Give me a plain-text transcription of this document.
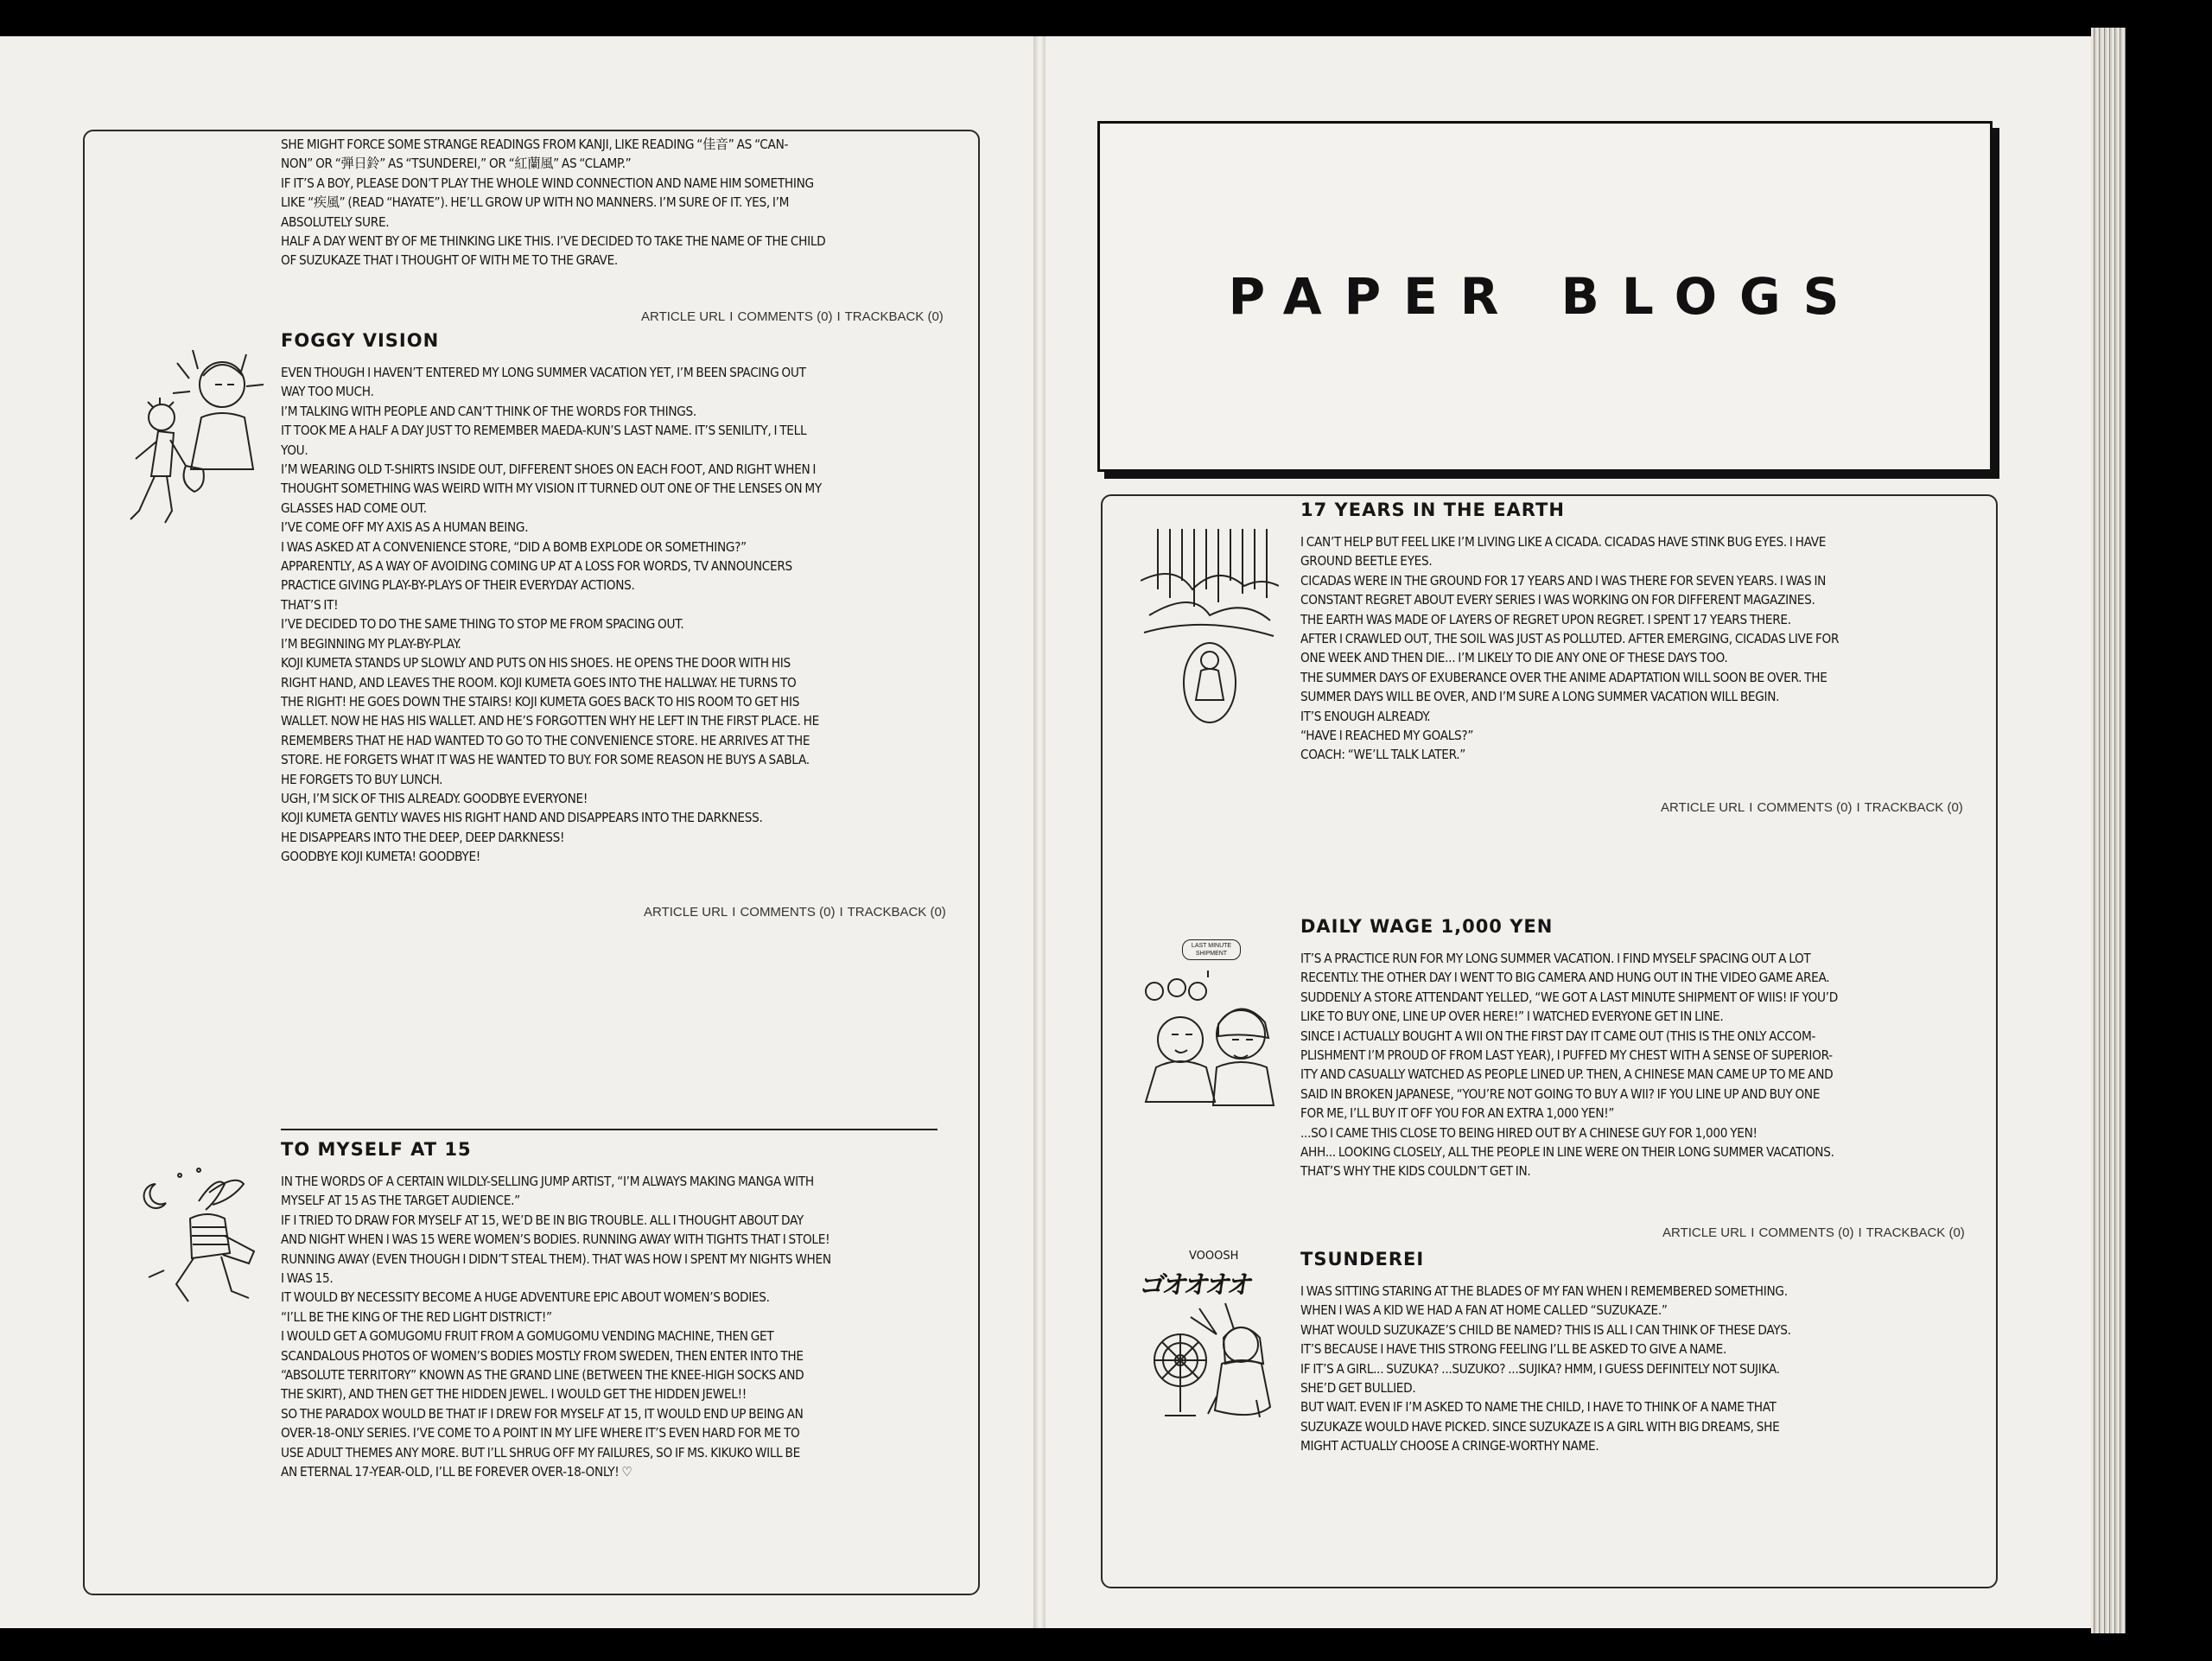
SHE MIGHT FORCE SOME STRANGE READINGS FROM KANJI, LIKE READING “佳音” AS “CAN-
NON” OR “弾日鈴” AS “TSUNDEREI,” OR “紅蘭風” AS “CLAMP.”
IF IT’S A BOY, PLEASE DON’T PLAY THE WHOLE WIND CONNECTION AND NAME HIM SOMETHING
LIKE “疾風” (READ “HAYATE”). HE’LL GROW UP WITH NO MANNERS. I’M SURE OF IT. YES, I’M
ABSOLUTELY SURE.
HALF A DAY WENT BY OF ME THINKING LIKE THIS. I’VE DECIDED TO TAKE THE NAME OF THE CHILD
OF SUZUKAZE THAT I THOUGHT OF WITH ME TO THE GRAVE.
ARTICLE URL I COMMENTS (0) I TRACKBACK (0)
FOGGY VISION
EVEN THOUGH I HAVEN’T ENTERED MY LONG SUMMER VACATION YET, I’M BEEN SPACING OUT
WAY TOO MUCH.
I’M TALKING WITH PEOPLE AND CAN’T THINK OF THE WORDS FOR THINGS.
IT TOOK ME A HALF A DAY JUST TO REMEMBER MAEDA-KUN’S LAST NAME. IT’S SENILITY, I TELL
YOU.
I’M WEARING OLD T-SHIRTS INSIDE OUT, DIFFERENT SHOES ON EACH FOOT, AND RIGHT WHEN I
THOUGHT SOMETHING WAS WEIRD WITH MY VISION IT TURNED OUT ONE OF THE LENSES ON MY
GLASSES HAD COME OUT.
I’VE COME OFF MY AXIS AS A HUMAN BEING.
I WAS ASKED AT A CONVENIENCE STORE, “DID A BOMB EXPLODE OR SOMETHING?”
APPARENTLY, AS A WAY OF AVOIDING COMING UP AT A LOSS FOR WORDS, TV ANNOUNCERS
PRACTICE GIVING PLAY-BY-PLAYS OF THEIR EVERYDAY ACTIONS.
THAT’S IT!
I’VE DECIDED TO DO THE SAME THING TO STOP ME FROM SPACING OUT.
I’M BEGINNING MY PLAY-BY-PLAY.
KOJI KUMETA STANDS UP SLOWLY AND PUTS ON HIS SHOES. HE OPENS THE DOOR WITH HIS
RIGHT HAND, AND LEAVES THE ROOM. KOJI KUMETA GOES INTO THE HALLWAY. HE TURNS TO
THE RIGHT! HE GOES DOWN THE STAIRS! KOJI KUMETA GOES BACK TO HIS ROOM TO GET HIS
WALLET. NOW HE HAS HIS WALLET. AND HE’S FORGOTTEN WHY HE LEFT IN THE FIRST PLACE. HE
REMEMBERS THAT HE HAD WANTED TO GO TO THE CONVENIENCE STORE. HE ARRIVES AT THE
STORE. HE FORGETS WHAT IT WAS HE WANTED TO BUY. FOR SOME REASON HE BUYS A SABLA.
HE FORGETS TO BUY LUNCH.
UGH, I’M SICK OF THIS ALREADY. GOODBYE EVERYONE!
KOJI KUMETA GENTLY WAVES HIS RIGHT HAND AND DISAPPEARS INTO THE DARKNESS.
HE DISAPPEARS INTO THE DEEP, DEEP DARKNESS!
GOODBYE KOJI KUMETA! GOODBYE!
ARTICLE URL I COMMENTS (0) I TRACKBACK (0)
TO MYSELF AT 15
IN THE WORDS OF A CERTAIN WILDLY-SELLING JUMP ARTIST, “I’M ALWAYS MAKING MANGA WITH
MYSELF AT 15 AS THE TARGET AUDIENCE.”
IF I TRIED TO DRAW FOR MYSELF AT 15, WE’D BE IN BIG TROUBLE. ALL I THOUGHT ABOUT DAY
AND NIGHT WHEN I WAS 15 WERE WOMEN’S BODIES. RUNNING AWAY WITH TIGHTS THAT I STOLE!
RUNNING AWAY (EVEN THOUGH I DIDN’T STEAL THEM). THAT WAS HOW I SPENT MY NIGHTS WHEN
I WAS 15.
IT WOULD BY NECESSITY BECOME A HUGE ADVENTURE EPIC ABOUT WOMEN’S BODIES.
“I’LL BE THE KING OF THE RED LIGHT DISTRICT!”
I WOULD GET A GOMUGOMU FRUIT FROM A GOMUGOMU VENDING MACHINE, THEN GET
SCANDALOUS PHOTOS OF WOMEN’S BODIES MOSTLY FROM SWEDEN, THEN ENTER INTO THE
“ABSOLUTE TERRITORY” KNOWN AS THE GRAND LINE (BETWEEN THE KNEE-HIGH SOCKS AND
THE SKIRT), AND THEN GET THE HIDDEN JEWEL. I WOULD GET THE HIDDEN JEWEL!!
SO THE PARADOX WOULD BE THAT IF I DREW FOR MYSELF AT 15, IT WOULD END UP BEING AN
OVER-18-ONLY SERIES. I’VE COME TO A POINT IN MY LIFE WHERE IT’S EVEN HARD FOR ME TO
USE ADULT THEMES ANY MORE. BUT I’LL SHRUG OFF MY FAILURES, SO IF MS. KIKUKO WILL BE
AN ETERNAL 17-YEAR-OLD, I’LL BE FOREVER OVER-18-ONLY! ♡
PAPER BLOGS
17 YEARS IN THE EARTH
I CAN’T HELP BUT FEEL LIKE I’M LIVING LIKE A CICADA. CICADAS HAVE STINK BUG EYES. I HAVE
GROUND BEETLE EYES.
CICADAS WERE IN THE GROUND FOR 17 YEARS AND I WAS THERE FOR SEVEN YEARS. I WAS IN
CONSTANT REGRET ABOUT EVERY SERIES I WAS WORKING ON FOR DIFFERENT MAGAZINES.
THE EARTH WAS MADE OF LAYERS OF REGRET UPON REGRET. I SPENT 17 YEARS THERE.
AFTER I CRAWLED OUT, THE SOIL WAS JUST AS POLLUTED. AFTER EMERGING, CICADAS LIVE FOR
ONE WEEK AND THEN DIE... I’M LIKELY TO DIE ANY ONE OF THESE DAYS TOO.
THE SUMMER DAYS OF EXUBERANCE OVER THE ANIME ADAPTATION WILL SOON BE OVER. THE
SUMMER DAYS WILL BE OVER, AND I’M SURE A LONG SUMMER VACATION WILL BEGIN.
IT’S ENOUGH ALREADY.
“HAVE I REACHED MY GOALS?”
COACH: “WE’LL TALK LATER.”
ARTICLE URL I COMMENTS (0) I TRACKBACK (0)
DAILY WAGE 1,000 YEN
IT’S A PRACTICE RUN FOR MY LONG SUMMER VACATION. I FIND MYSELF SPACING OUT A LOT
RECENTLY. THE OTHER DAY I WENT TO BIG CAMERA AND HUNG OUT IN THE VIDEO GAME AREA.
SUDDENLY A STORE ATTENDANT YELLED, “WE GOT A LAST MINUTE SHIPMENT OF WIIS! IF YOU’D
LIKE TO BUY ONE, LINE UP OVER HERE!” I WATCHED EVERYONE GET IN LINE.
SINCE I ACTUALLY BOUGHT A WII ON THE FIRST DAY IT CAME OUT (THIS IS THE ONLY ACCOM-
PLISHMENT I’M PROUD OF FROM LAST YEAR), I PUFFED MY CHEST WITH A SENSE OF SUPERIOR-
ITY AND CASUALLY WATCHED AS PEOPLE LINED UP. THEN, A CHINESE MAN CAME UP TO ME AND
SAID IN BROKEN JAPANESE, “YOU’RE NOT GOING TO BUY A WII? IF YOU LINE UP AND BUY ONE
FOR ME, I’LL BUY IT OFF YOU FOR AN EXTRA 1,000 YEN!”
...SO I CAME THIS CLOSE TO BEING HIRED OUT BY A CHINESE GUY FOR 1,000 YEN!
AHH... LOOKING CLOSELY, ALL THE PEOPLE IN LINE WERE ON THEIR LONG SUMMER VACATIONS.
THAT’S WHY THE KIDS COULDN’T GET IN.
ARTICLE URL I COMMENTS (0) I TRACKBACK (0)
LAST MINUTE SHIPMENT
TSUNDEREI
I WAS SITTING STARING AT THE BLADES OF MY FAN WHEN I REMEMBERED SOMETHING.
WHEN I WAS A KID WE HAD A FAN AT HOME CALLED “SUZUKAZE.”
WHAT WOULD SUZUKAZE’S CHILD BE NAMED? THIS IS ALL I CAN THINK OF THESE DAYS.
IT’S BECAUSE I HAVE THIS STRONG FEELING I’LL BE ASKED TO GIVE A NAME.
IF IT’S A GIRL... SUZUKA? ...SUZUKO? ...SUJIKA? HMM, I GUESS DEFINITELY NOT SUJIKA.
SHE’D GET BULLIED.
BUT WAIT. EVEN IF I’M ASKED TO NAME THE CHILD, I HAVE TO THINK OF A NAME THAT
SUZUKAZE WOULD HAVE PICKED. SINCE SUZUKAZE IS A GIRL WITH BIG DREAMS, SHE
MIGHT ACTUALLY CHOOSE A CRINGE-WORTHY NAME.
VOOOSH
ゴオオオオ
